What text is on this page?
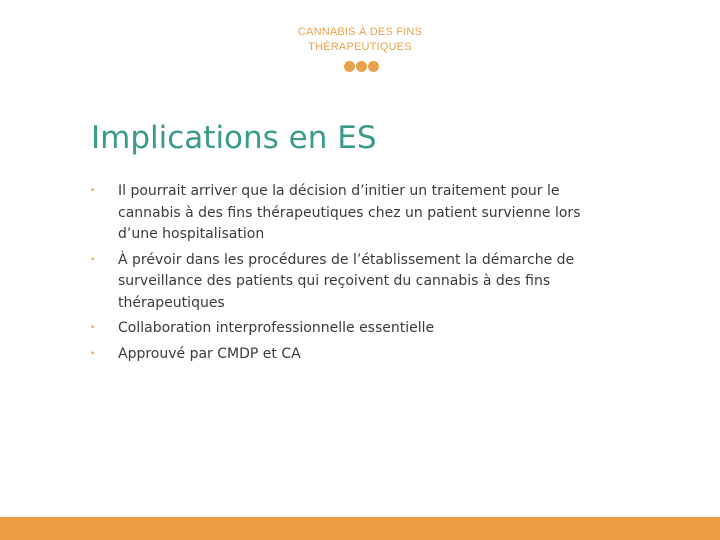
CANNABIS À DES FINS
THÉRAPEUTIQUES
Implications en ES
• Il pourrait arriver que la décision d’initier un traitement pour le cannabis à des fins thérapeutiques chez un patient survienne lors d’une hospitalisation
• À prévoir dans les procédures de l’établissement la démarche de surveillance des patients qui reçoivent du cannabis à des fins thérapeutiques
• Collaboration interprofessionnelle essentielle
• Approuvé par CMDP et CA
